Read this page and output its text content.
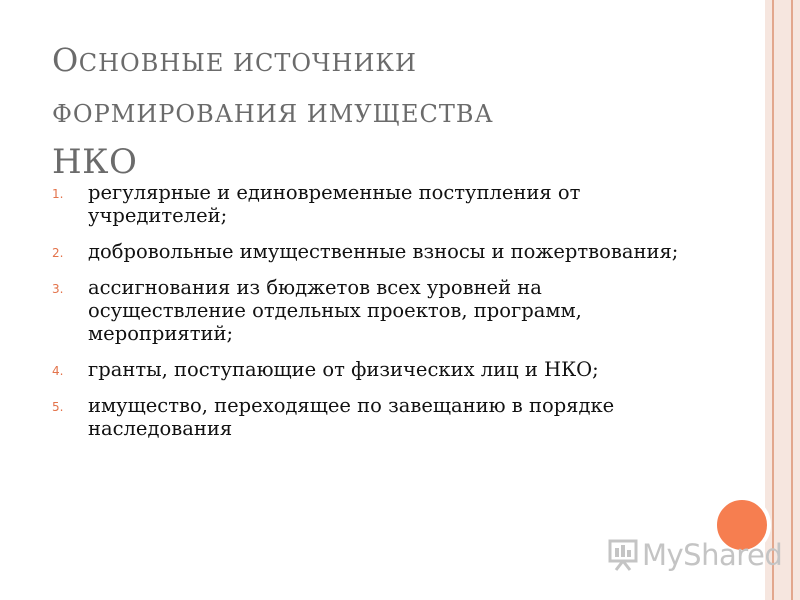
ОСНОВНЫЕ ИСТОЧНИКИ
ФОРМИРОВАНИЯ ИМУЩЕСТВА
НКО
1. регулярные и единовременные поступления от учредителей;
2. добровольные имущественные взносы и пожертвования;
3. ассигнования из бюджетов всех уровней на осуществление отдельных проектов, программ, мероприятий;
4. гранты, поступающие от физических лиц и НКО;
5. имущество, переходящее по завещанию в порядке наследования
MyShared
